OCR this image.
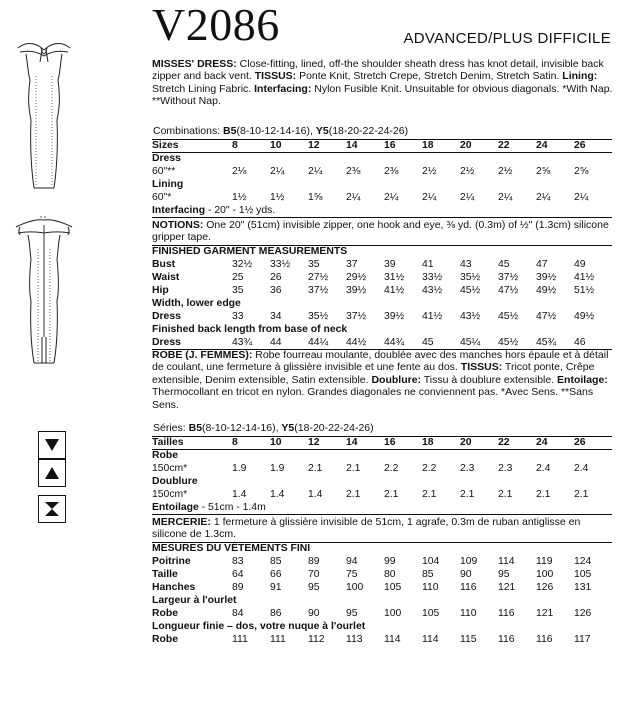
V2086	ADVANCED/PLUS DIFFICILE
MISSES' DRESS: Close-fitting, lined, off-the shoulder sheath dress has knot detail, invisible back zipper and back vent. TISSUS: Ponte Knit, Stretch Crepe, Stretch Denim, Stretch Satin. Lining: Stretch Lining Fabric. Interfacing: Nylon Fusible Knit. Unsuitable for obvious diagonals. *With Nap. **Without Nap.
Combinations: B5(8-10-12-14-16), Y5(18-20-22-24-26)
Sizes	8	10	12	14	16	18	20	22	24	26
Dress										
60"**	2⅛	2¼	2¼	2⅜	2⅜	2½	2½	2½	2⅝	2⅝
Lining										
60"*	1½	1½	1⅝	2¼	2¼	2¼	2¼	2¼	2¼	2¼
Interfacing - 20" - 1½ yds.										
NOTIONS: One 20" (51cm) invisible zipper, one hook and eye, ⅜ yd. (0.3m) of ½" (1.3cm) silicone gripper tape.
FINISHED GARMENT MEASUREMENTS										
Bust	32½	33½	35	37	39	41	43	45	47	49
Waist	25	26	27½	29½	31½	33½	35½	37½	39½	41½
Hip	35	36	37½	39½	41½	43½	45½	47½	49½	51½
Width, lower edge										
Dress	33	34	35½	37½	39½	41½	43½	45½	47½	49½
Finished back length from base of neck										
Dress	43¾	44	44¼	44½	44¾	45	45¼	45½	45¾	46
ROBE (J. FEMMES): Robe fourreau moulante, doublée avec des manches hors épaule et à détail de coulant, une fermeture à glissière invisible et une fente au dos. TISSUS: Tricot ponte, Crêpe extensible, Denim extensible, Satin extensible. Doublure: Tissu à doublure extensible. Entoilage: Thermocollant en tricot en nylon. Grandes diagonales ne conviennent pas. *Avec Sens. **Sans Sens.
Séries: B5(8-10-12-14-16), Y5(18-20-22-24-26)
Tailles	8	10	12	14	16	18	20	22	24	26
Robe										
150cm*	1.9	1.9	2.1	2.1	2.2	2.2	2.3	2.3	2.4	2.4
Doublure										
150cm*	1.4	1.4	1.4	2.1	2.1	2.1	2.1	2.1	2.1	2.1
Entoilage - 51cm - 1.4m										
MERCERIE: 1 fermeture à glissière invisible de 51cm, 1 agrafe, 0.3m de ruban antiglisse en silicone de 1.3cm.
MESURES DU VÊTEMENTS FINI										
Poitrine	83	85	89	94	99	104	109	114	119	124
Taille	64	66	70	75	80	85	90	95	100	105
Hanches	89	91	95	100	105	110	116	121	126	131
Largeur à l'ourlet										
Robe	84	86	90	95	100	105	110	116	121	126
Longueur finie – dos, votre nuque à l'ourlet										
Robe	111	111	112	113	114	114	115	116	116	117
